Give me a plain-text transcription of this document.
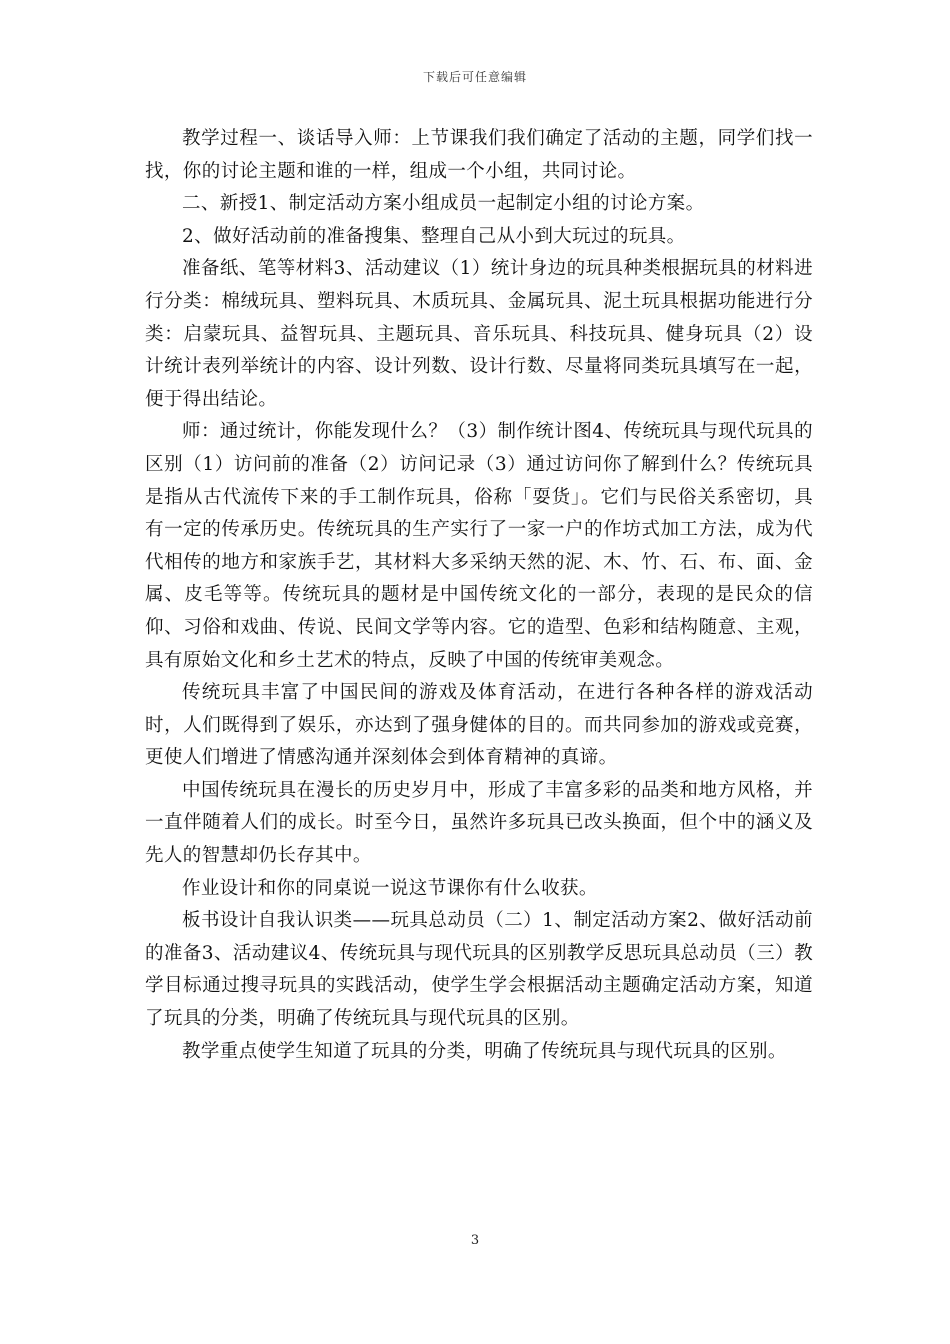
下载后可任意编辑

教学过程一、谈话导入师：上节课我们我们确定了活动的主题，同学们找一找，你的讨论主题和谁的一样，组成一个小组，共同讨论。

二、新授1、制定活动方案小组成员一起制定小组的讨论方案。

2、做好活动前的准备搜集、整理自己从小到大玩过的玩具。

准备纸、笔等材料3、活动建议（1）统计身边的玩具种类根据玩具的材料进行分类：棉绒玩具、塑料玩具、木质玩具、金属玩具、泥土玩具根据功能进行分类：启蒙玩具、益智玩具、主题玩具、音乐玩具、科技玩具、健身玩具（2）设计统计表列举统计的内容、设计列数、设计行数、尽量将同类玩具填写在一起，便于得出结论。

师：通过统计，你能发现什么？（3）制作统计图4、传统玩具与现代玩具的区别（1）访问前的准备（2）访问记录（3）通过访问你了解到什么？传统玩具是指从古代流传下来的手工制作玩具，俗称「耍货」。它们与民俗关系密切，具有一定的传承历史。传统玩具的生产实行了一家一户的作坊式加工方法，成为代代相传的地方和家族手艺，其材料大多采纳天然的泥、木、竹、石、布、面、金属、皮毛等等。传统玩具的题材是中国传统文化的一部分，表现的是民众的信仰、习俗和戏曲、传说、民间文学等内容。它的造型、色彩和结构随意、主观，具有原始文化和乡土艺术的特点，反映了中国的传统审美观念。

传统玩具丰富了中国民间的游戏及体育活动，在进行各种各样的游戏活动时，人们既得到了娱乐，亦达到了强身健体的目的。而共同参加的游戏或竞赛，更使人们增进了情感沟通并深刻体会到体育精神的真谛。

中国传统玩具在漫长的历史岁月中，形成了丰富多彩的品类和地方风格，并一直伴随着人们的成长。时至今日，虽然许多玩具已改头换面，但个中的涵义及先人的智慧却仍长存其中。

作业设计和你的同桌说一说这节课你有什么收获。

板书设计自我认识类——玩具总动员（二）1、制定活动方案2、做好活动前的准备3、活动建议4、传统玩具与现代玩具的区别教学反思玩具总动员（三）教学目标通过搜寻玩具的实践活动，使学生学会根据活动主题确定活动方案，知道了玩具的分类，明确了传统玩具与现代玩具的区别。

教学重点使学生知道了玩具的分类，明确了传统玩具与现代玩具的区别。

3
